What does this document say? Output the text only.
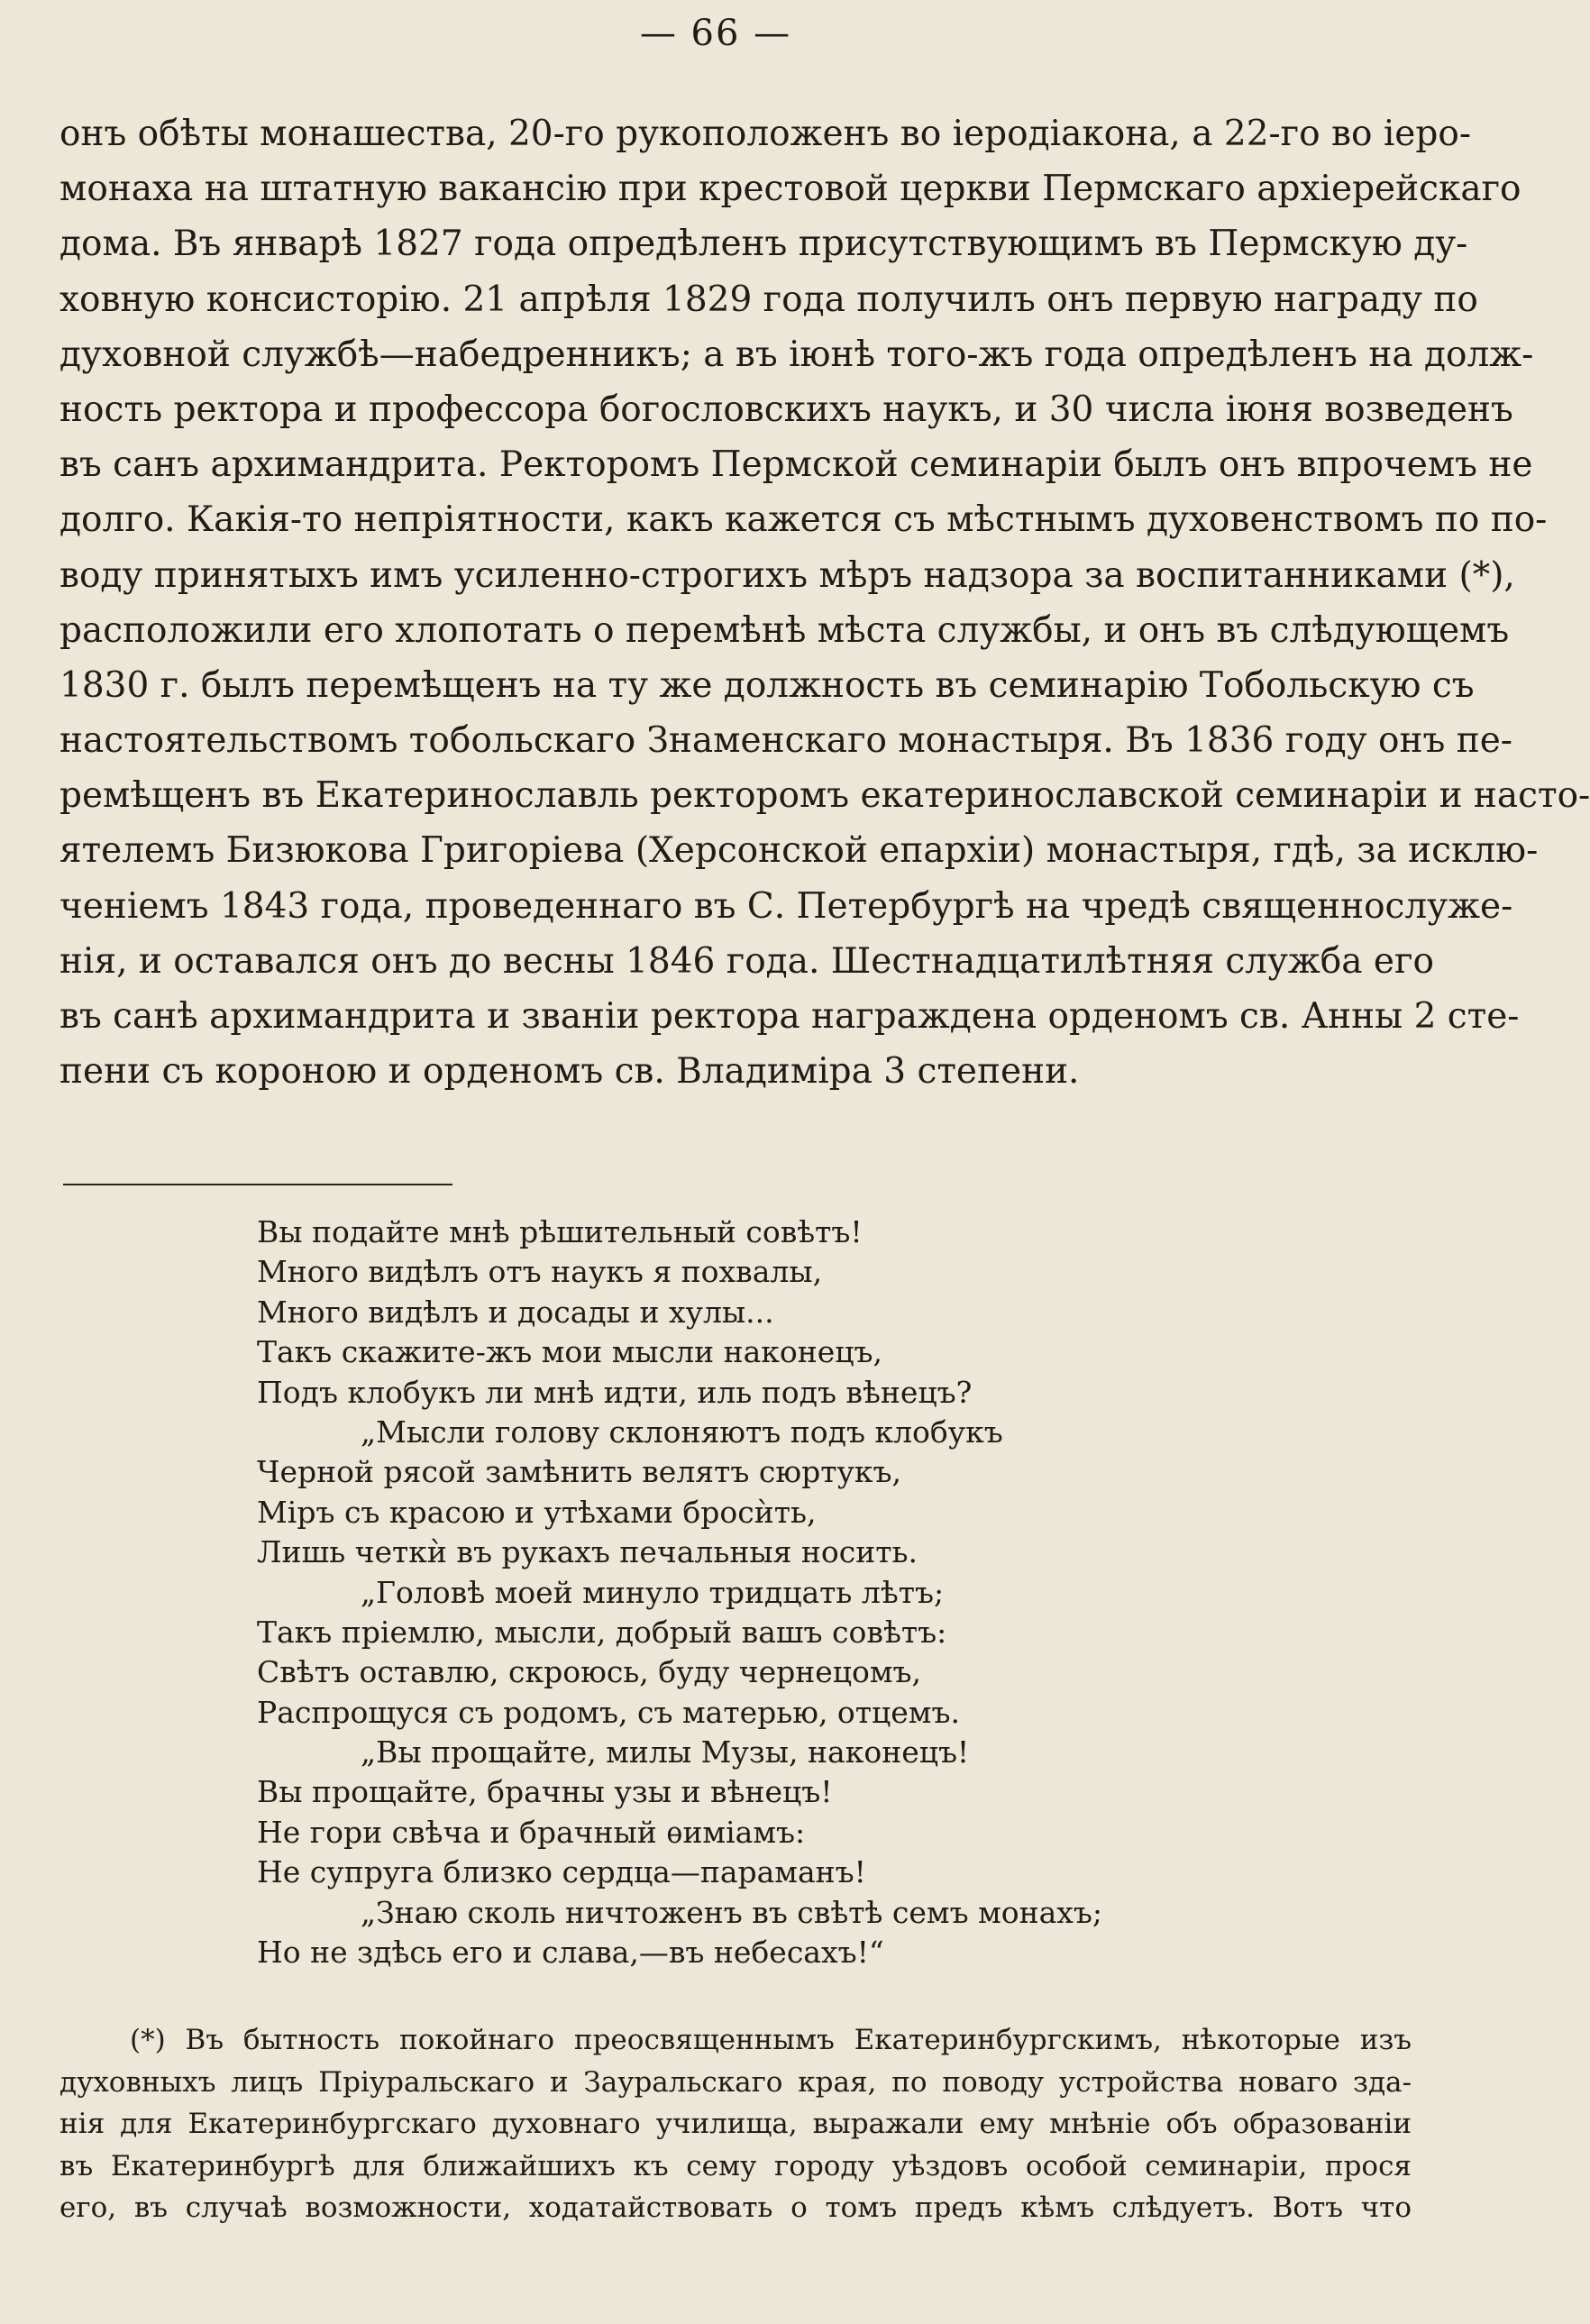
— 66 —
онъ обѣты монашества, 20-го рукоположенъ во іеродіакона, а 22-го во іеро-
монаха на штатную вакансію при крестовой церкви Пермскаго архіерейскаго
дома. Въ январѣ 1827 года опредѣленъ присутствующимъ въ Пермскую ду-
ховную консисторію. 21 апрѣля 1829 года получилъ онъ первую награду по
духовной службѣ—набедренникъ; а въ іюнѣ того-жъ года опредѣленъ на долж-
ность ректора и профессора богословскихъ наукъ, и 30 числа іюня возведенъ
въ санъ архимандрита. Ректоромъ Пермской семинаріи былъ онъ впрочемъ не
долго. Какія-то непріятности, какъ кажется съ мѣстнымъ духовенствомъ по по-
воду принятыхъ имъ усиленно-строгихъ мѣръ надзора за воспитанниками (*),
расположили его хлопотать о перемѣнѣ мѣста службы, и онъ въ слѣдующемъ
1830 г. былъ перемѣщенъ на ту же должность въ семинарію Тобольскую съ
настоятельствомъ тобольскаго Знаменскаго монастыря. Въ 1836 году онъ пе-
ремѣщенъ въ Екатеринославль ректоромъ екатеринославской семинаріи и насто-
ятелемъ Бизюкова Григоріева (Херсонской епархіи) монастыря, гдѣ, за исклю-
ченіемъ 1843 года, проведеннаго въ С. Петербургѣ на чредѣ священнослуже-
нія, и оставался онъ до весны 1846 года. Шестнадцатилѣтняя служба его
въ санѣ архимандрита и званіи ректора награждена орденомъ св. Анны 2 сте-
пени съ короною и орденомъ св. Владиміра 3 степени.
Вы подайте мнѣ рѣшительный совѣтъ!
Много видѣлъ отъ наукъ я похвалы,
Много видѣлъ и досады и хулы...
Такъ скажите-жъ мои мысли наконецъ,
Подъ клобукъ ли мнѣ идти, иль подъ вѣнецъ?
„Мысли голову склоняютъ подъ клобукъ
Черной рясой замѣнить велятъ сюртукъ,
Міръ съ красою и утѣхами бросѝть,
Лишь четкѝ въ рукахъ печальныя носить.
„Головѣ моей минуло тридцать лѣтъ;
Такъ пріемлю, мысли, добрый вашъ совѣтъ:
Свѣтъ оставлю, скроюсь, буду чернецомъ,
Распрощуся съ родомъ, съ матерью, отцемъ.
„Вы прощайте, милы Музы, наконецъ!
Вы прощайте, брачны узы и вѣнецъ!
Не гори свѣча и брачный ѳиміамъ:
Не супруга близко сердца—параманъ!
„Знаю сколь ничтоженъ въ свѣтѣ семъ монахъ;
Но не здѣсь его и слава,—въ небесахъ!“
(*) Въ бытность покойнаго преосвященнымъ Екатеринбургскимъ, нѣкоторые изъ
духовныхъ лицъ Пріуральскаго и Зауральскаго края, по поводу устройства новаго зда-
нія для Екатеринбургскаго духовнаго училища, выражали ему мнѣніе объ образованіи
въ Екатеринбургѣ для ближайшихъ къ сему городу уѣздовъ особой семинаріи, прося
его, въ случаѣ возможности, ходатайствовать о томъ предъ кѣмъ слѣдуетъ. Вотъ что
